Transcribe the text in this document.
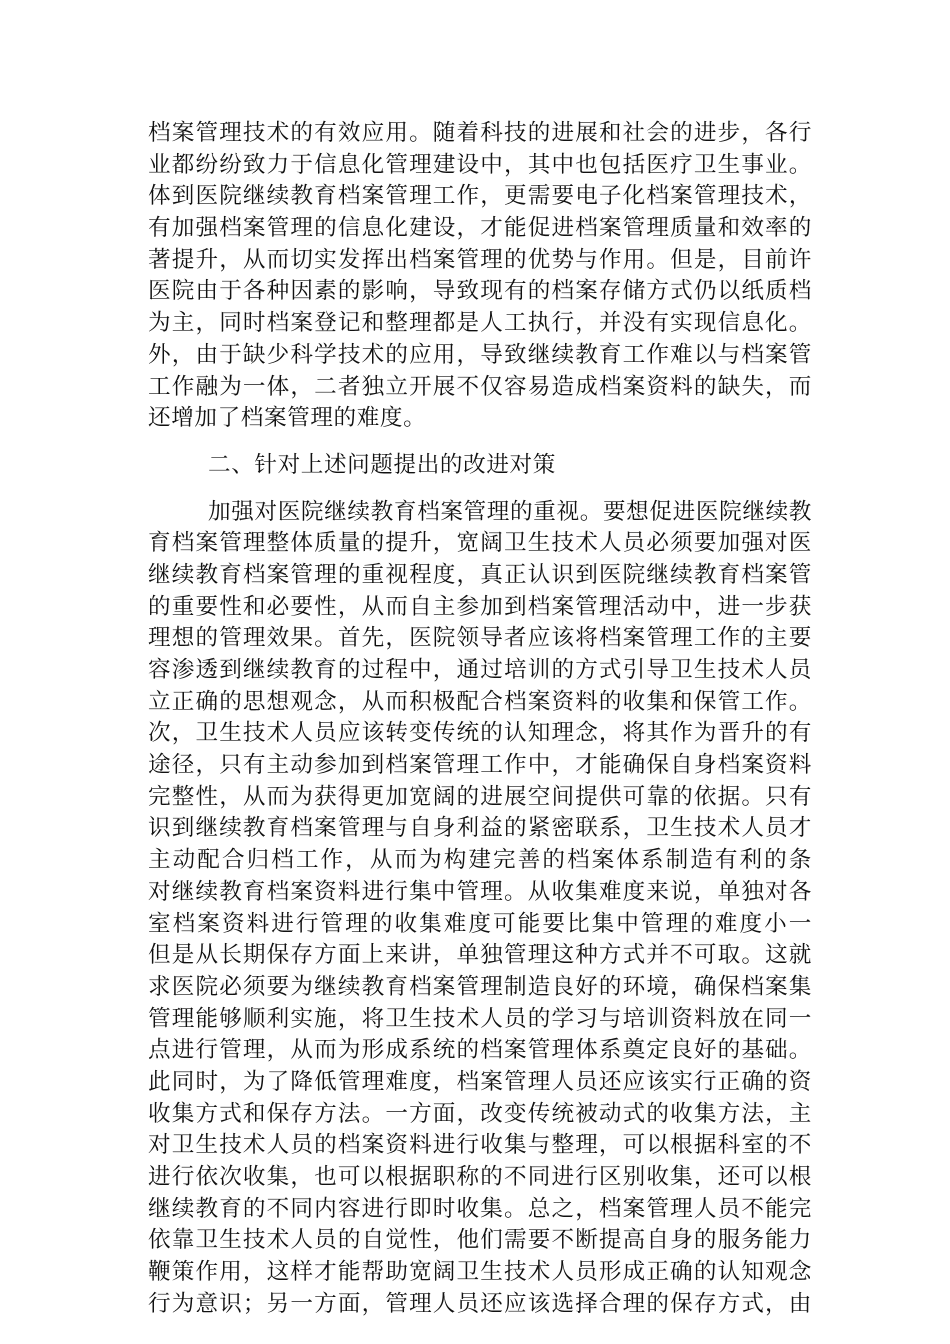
档案管理技术的有效应用。随着科技的进展和社会的进步，各行
业都纷纷致力于信息化管理建设中，其中也包括医疗卫生事业。
体到医院继续教育档案管理工作，更需要电子化档案管理技术，
有加强档案管理的信息化建设，才能促进档案管理质量和效率的
著提升，从而切实发挥出档案管理的优势与作用。但是，目前许
医院由于各种因素的影响，导致现有的档案存储方式仍以纸质档
为主，同时档案登记和整理都是人工执行，并没有实现信息化。
外，由于缺少科学技术的应用，导致继续教育工作难以与档案管
工作融为一体，二者独立开展不仅容易造成档案资料的缺失，而
还增加了档案管理的难度。
二、针对上述问题提出的改进对策
加强对医院继续教育档案管理的重视。要想促进医院继续教
育档案管理整体质量的提升，宽阔卫生技术人员必须要加强对医
继续教育档案管理的重视程度，真正认识到医院继续教育档案管
的重要性和必要性，从而自主参加到档案管理活动中，进一步获
理想的管理效果。首先，医院领导者应该将档案管理工作的主要
容渗透到继续教育的过程中，通过培训的方式引导卫生技术人员
立正确的思想观念，从而积极配合档案资料的收集和保管工作。
次，卫生技术人员应该转变传统的认知理念，将其作为晋升的有
途径，只有主动参加到档案管理工作中，才能确保自身档案资料
完整性，从而为获得更加宽阔的进展空间提供可靠的依据。只有
识到继续教育档案管理与自身利益的紧密联系，卫生技术人员才
主动配合归档工作，从而为构建完善的档案体系制造有利的条
对继续教育档案资料进行集中管理。从收集难度来说，单独对各
室档案资料进行管理的收集难度可能要比集中管理的难度小一
但是从长期保存方面上来讲，单独管理这种方式并不可取。这就
求医院必须要为继续教育档案管理制造良好的环境，确保档案集
管理能够顺利实施，将卫生技术人员的学习与培训资料放在同一
点进行管理，从而为形成系统的档案管理体系奠定良好的基础。
此同时，为了降低管理难度，档案管理人员还应该实行正确的资
收集方式和保存方法。一方面，改变传统被动式的收集方法，主
对卫生技术人员的档案资料进行收集与整理，可以根据科室的不
进行依次收集，也可以根据职称的不同进行区别收集，还可以根
继续教育的不同内容进行即时收集。总之，档案管理人员不能完
依靠卫生技术人员的自觉性，他们需要不断提高自身的服务能力
鞭策作用，这样才能帮助宽阔卫生技术人员形成正确的认知观念
行为意识；另一方面，管理人员还应该选择合理的保存方式，由
